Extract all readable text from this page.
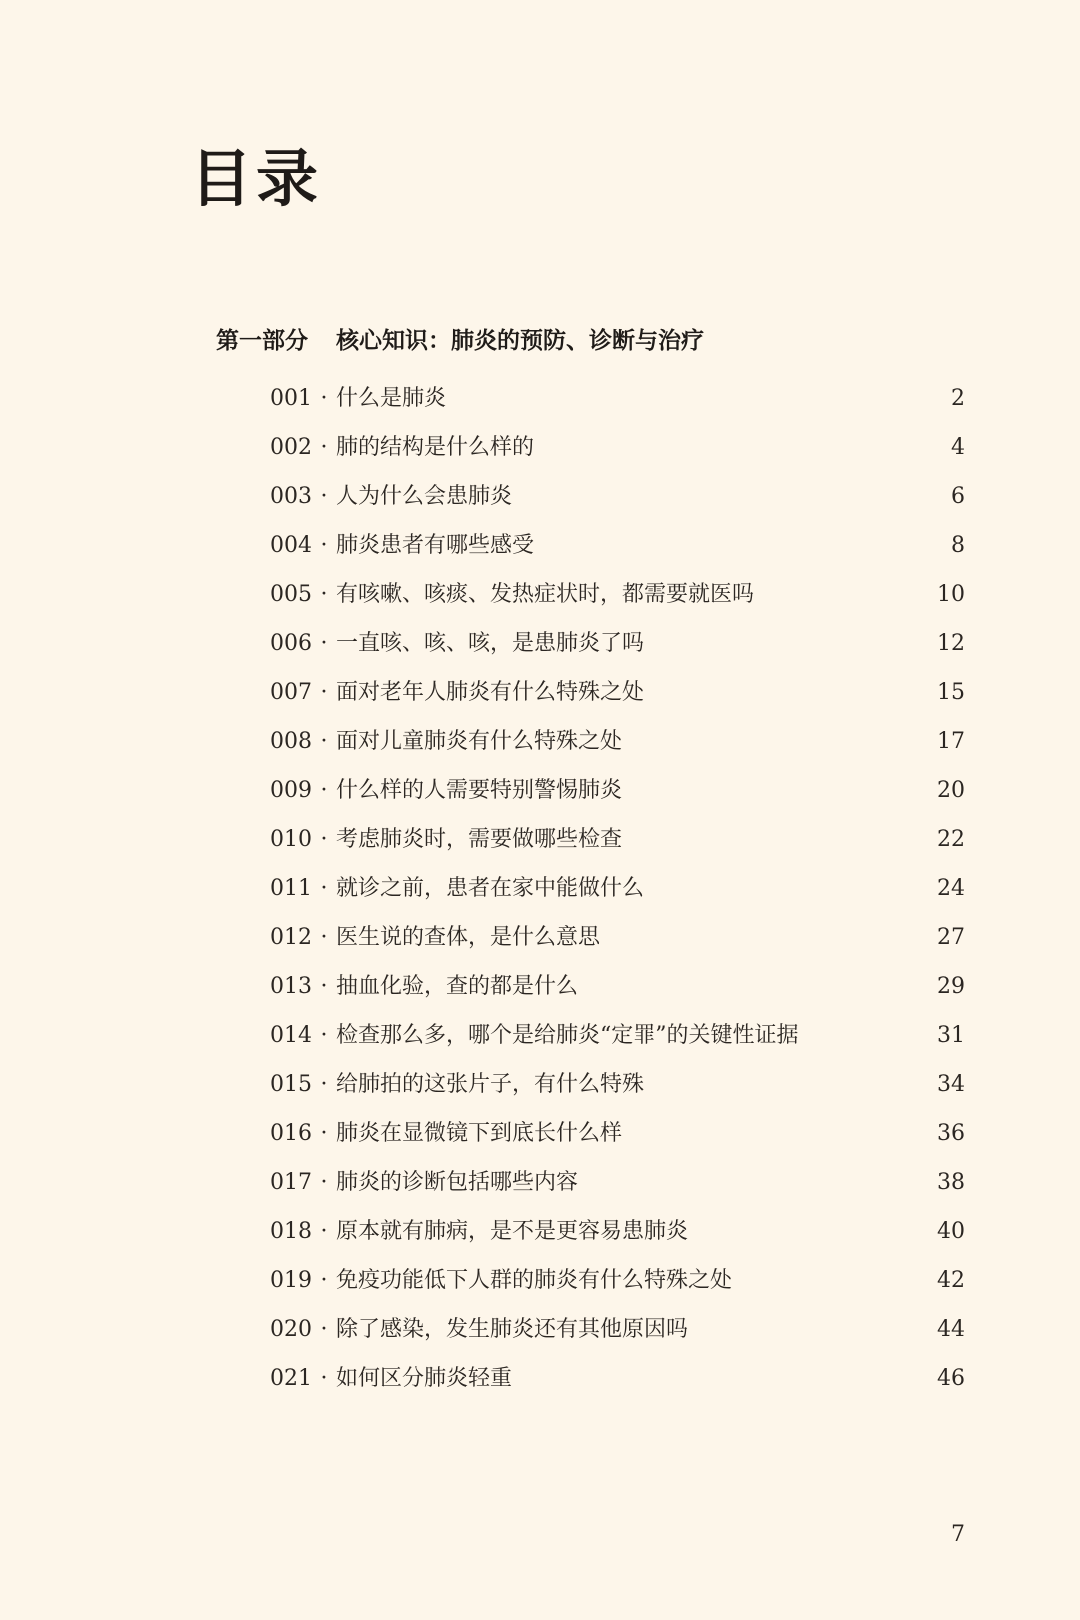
目录
第一部分 核心知识：肺炎的预防、诊断与治疗
001 · 什么是肺炎	2
002 · 肺的结构是什么样的	4
003 · 人为什么会患肺炎	6
004 · 肺炎患者有哪些感受	8
005 · 有咳嗽、咳痰、发热症状时，都需要就医吗	10
006 · 一直咳、咳、咳，是患肺炎了吗	12
007 · 面对老年人肺炎有什么特殊之处	15
008 · 面对儿童肺炎有什么特殊之处	17
009 · 什么样的人需要特别警惕肺炎	20
010 · 考虑肺炎时，需要做哪些检查	22
011 · 就诊之前，患者在家中能做什么	24
012 · 医生说的查体，是什么意思	27
013 · 抽血化验，查的都是什么	29
014 · 检查那么多，哪个是给肺炎“定罪”的关键性证据	31
015 · 给肺拍的这张片子，有什么特殊	34
016 · 肺炎在显微镜下到底长什么样	36
017 · 肺炎的诊断包括哪些内容	38
018 · 原本就有肺病，是不是更容易患肺炎	40
019 · 免疫功能低下人群的肺炎有什么特殊之处	42
020 · 除了感染，发生肺炎还有其他原因吗	44
021 · 如何区分肺炎轻重	46
7
